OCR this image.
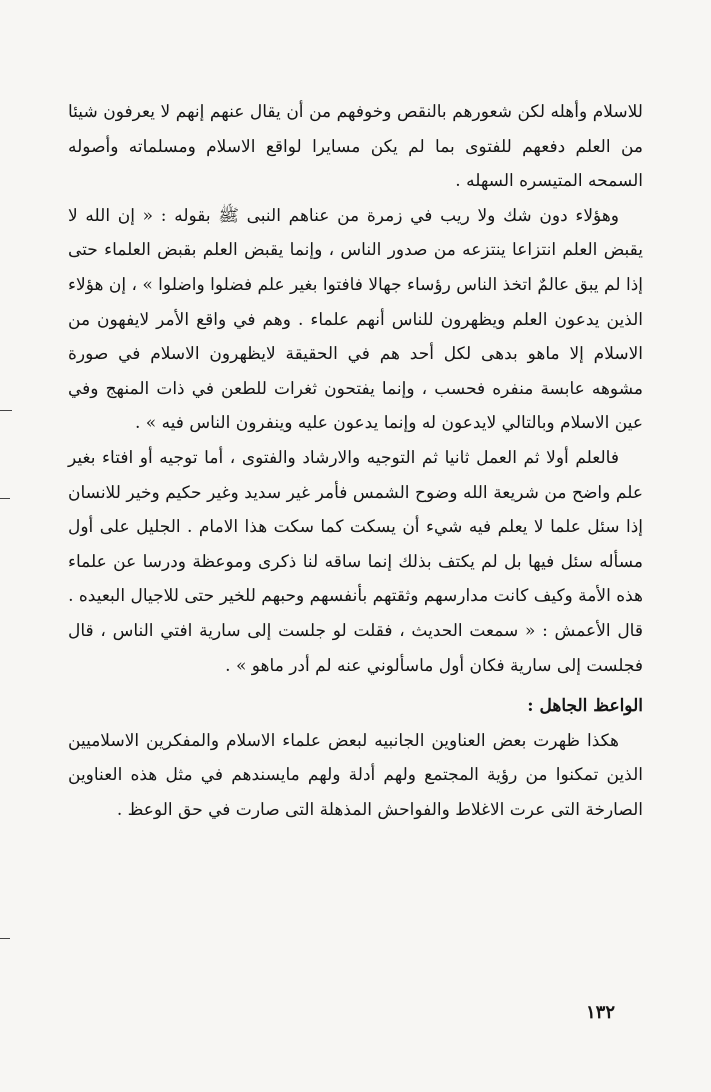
للاسلام وأهله لكن شعورهم بالنقص وخوفهم من أن يقال عنهم إنهم لا يعرفون شيئا من العلم دفعهم للفتوى بما لم يكن مسايرا لواقع الاسلام ومسلماته وأصوله السمحه المتيسره السهله .

وهؤلاء دون شك ولا ريب في زمرة من عناهم النبى ﷺ بقوله : « إن الله لا يقبض العلم انتزاعا ينتزعه من صدور الناس ، وإنما يقبض العلم بقبض العلماء حتى إذا لم يبق عالمٌ اتخذ الناس رؤساء جهالا فافتوا بغير علم فضلوا واضلوا » ، إن هؤلاء الذين يدعون العلم ويظهرون للناس أنهم علماء . وهم في واقع الأمر لايفهون من الاسلام إلا ماهو بدهى لكل أحد هم في الحقيقة لايظهرون الاسلام في صورة مشوهه عابسة منفره فحسب ، وإنما يفتحون ثغرات للطعن في ذات المنهج وفي عين الاسلام وبالتالي لايدعون له وإنما يدعون عليه وينفرون الناس فيه » .

فالعلم أولا ثم العمل ثانيا ثم التوجيه والارشاد والفتوى ، أما توجيه أو افتاء بغير علم واضح من شريعة الله وضوح الشمس فأمر غير سديد وغير حكيم وخير للانسان إذا سئل علما لا يعلم فيه شيء أن يسكت كما سكت هذا الامام . الجليل على أول مسأله سئل فيها بل لم يكتف بذلك إنما ساقه لنا ذكرى وموعظة ودرسا عن علماء هذه الأمة وكيف كانت مدارسهم وثقتهم بأنفسهم وحبهم للخير حتى للاجيال البعيده .

قال الأعمش : « سمعت الحديث ، فقلت لو جلست إلى سارية افتي الناس ، قال فجلست إلى سارية فكان أول ماسألوني عنه لم أدر ماهو » .

الواعظ الجاهل :

هكذا ظهرت بعض العناوين الجانبيه لبعض علماء الاسلام والمفكرين الاسلاميين الذين تمكنوا من رؤية المجتمع ولهم أدلة ولهم مايسندهم في مثل هذه العناوين الصارخة التى عرت الاغلاط والفواحش المذهلة التى صارت في حق الوعظ .

١٣٢
